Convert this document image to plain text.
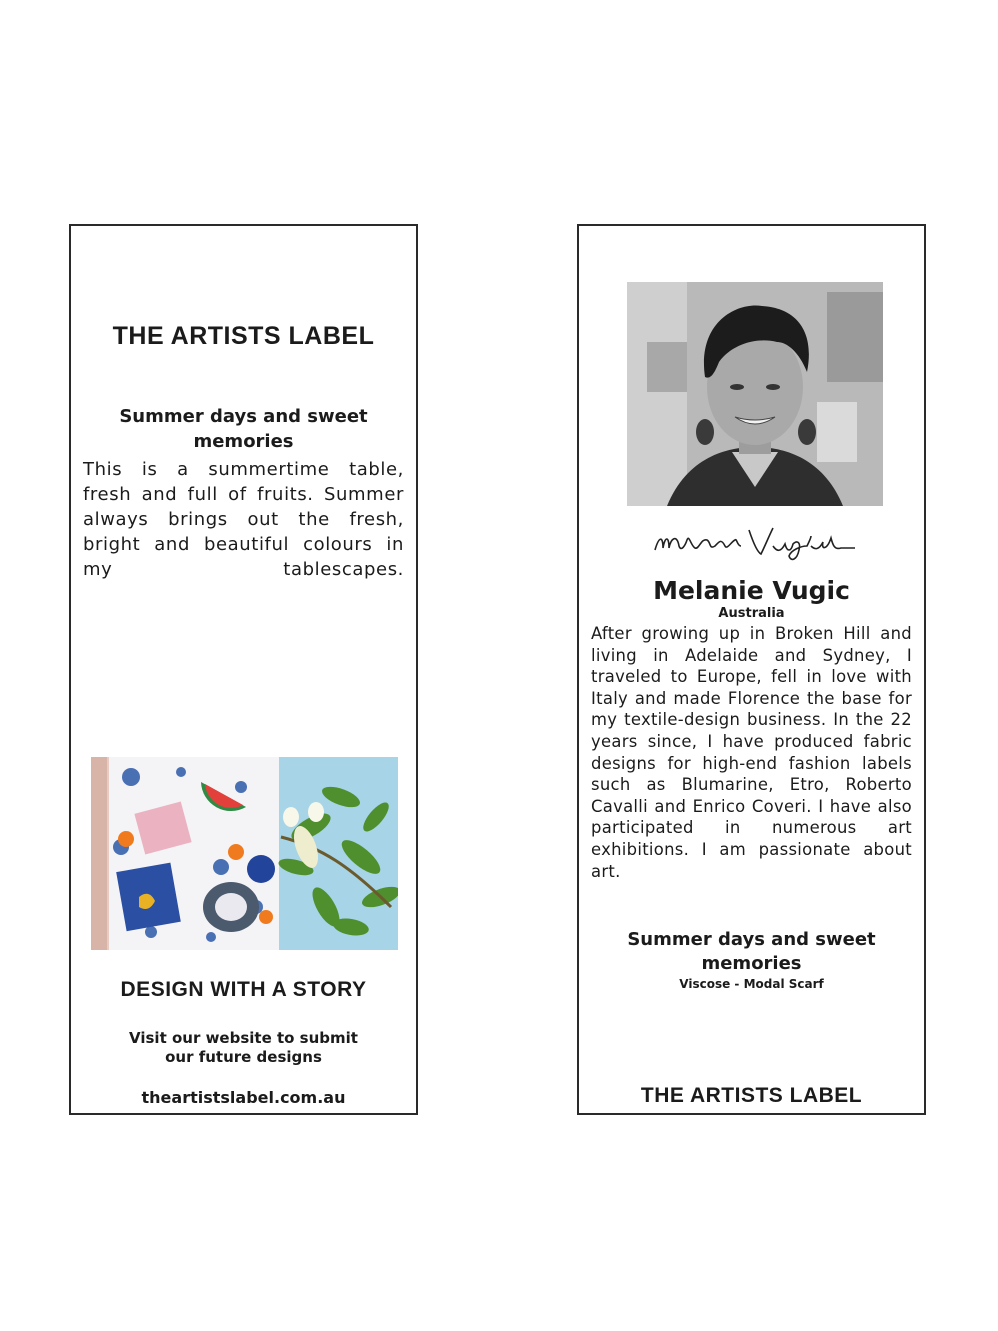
THE ARTISTS LABEL
Summer days and sweet memories
This is a summertime table, fresh and full of fruits. Summer always brings out the fresh, bright and beautiful colours in my tablescapes.
DESIGN WITH A STORY
Visit our website to submit
our future designs
theartistslabel.com.au
Melanie Vugic
Australia
After growing up in Broken Hill and living in Adelaide and Sydney, I traveled to Europe, fell in love with Italy and made Florence the base for my textile-design business. In the 22 years since, I have produced fabric designs for high-end fashion labels such as Blumarine, Etro, Roberto Cavalli and Enrico Coveri. I have also participated in numerous art exhibitions. I am passionate about art.
Summer days and sweet memories
Viscose - Modal Scarf
THE ARTISTS LABEL
